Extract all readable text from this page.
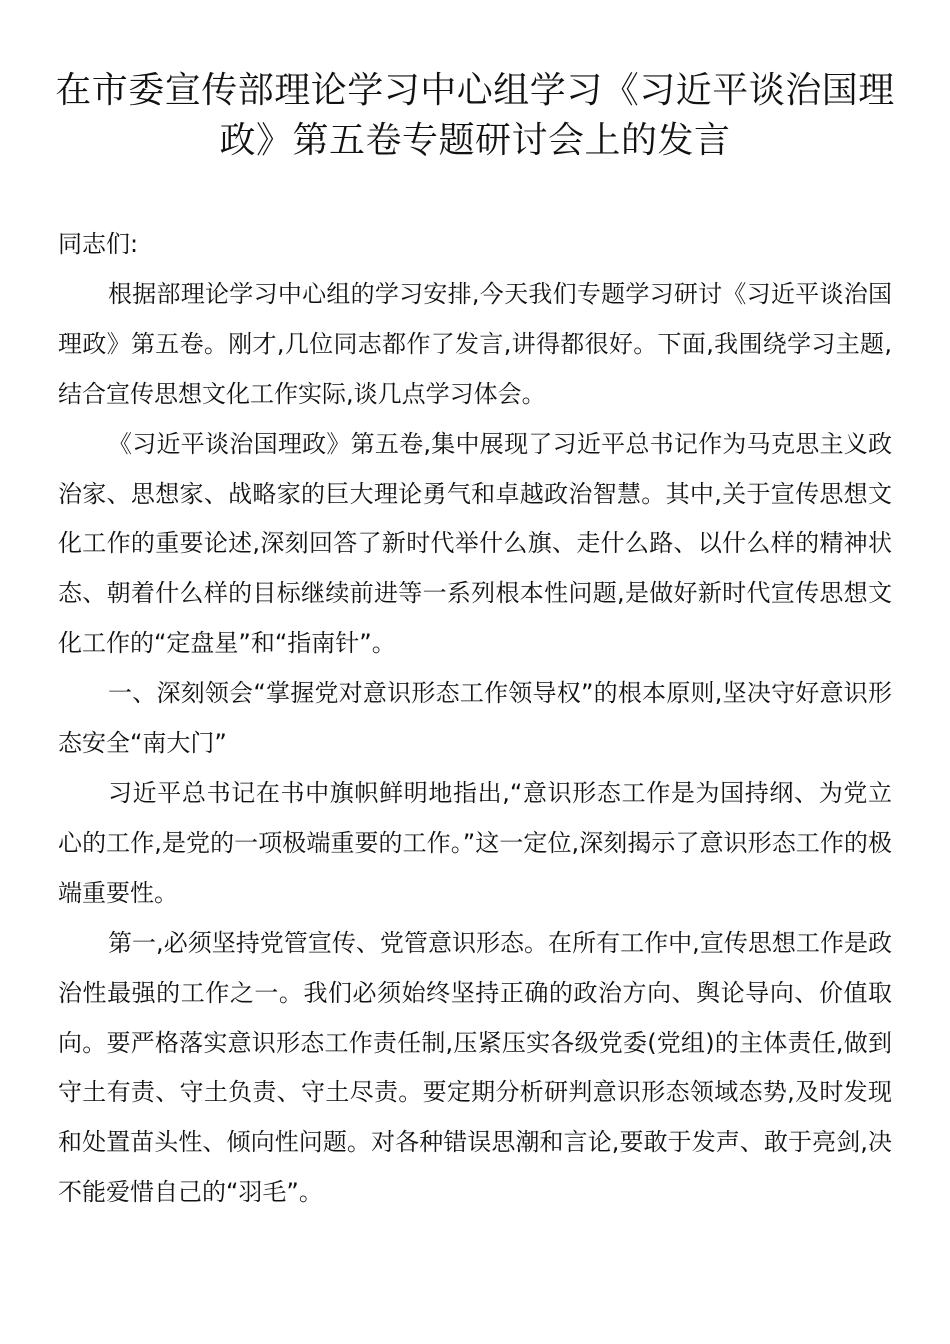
在市委宣传部理论学习中心组学习《习近平谈治国理政》第五卷专题研讨会上的发言

同志们:

根据部理论学习中心组的学习安排,今天我们专题学习研讨《习近平谈治国理政》第五卷。刚才,几位同志都作了发言,讲得都很好。下面,我围绕学习主题,结合宣传思想文化工作实际,谈几点学习体会。

《习近平谈治国理政》第五卷,集中展现了习近平总书记作为马克思主义政治家、思想家、战略家的巨大理论勇气和卓越政治智慧。其中,关于宣传思想文化工作的重要论述,深刻回答了新时代举什么旗、走什么路、以什么样的精神状态、朝着什么样的目标继续前进等一系列根本性问题,是做好新时代宣传思想文化工作的“定盘星”和“指南针”。

一、深刻领会“掌握党对意识形态工作领导权”的根本原则,坚决守好意识形态安全“南大门”

习近平总书记在书中旗帜鲜明地指出,“意识形态工作是为国持纲、为党立心的工作,是党的一项极端重要的工作。”这一定位,深刻揭示了意识形态工作的极端重要性。

第一,必须坚持党管宣传、党管意识形态。在所有工作中,宣传思想工作是政治性最强的工作之一。我们必须始终坚持正确的政治方向、舆论导向、价值取向。要严格落实意识形态工作责任制,压紧压实各级党委(党组)的主体责任,做到守土有责、守土负责、守土尽责。要定期分析研判意识形态领域态势,及时发现和处置苗头性、倾向性问题。对各种错误思潮和言论,要敢于发声、敢于亮剑,决不能爱惜自己的“羽毛”。
